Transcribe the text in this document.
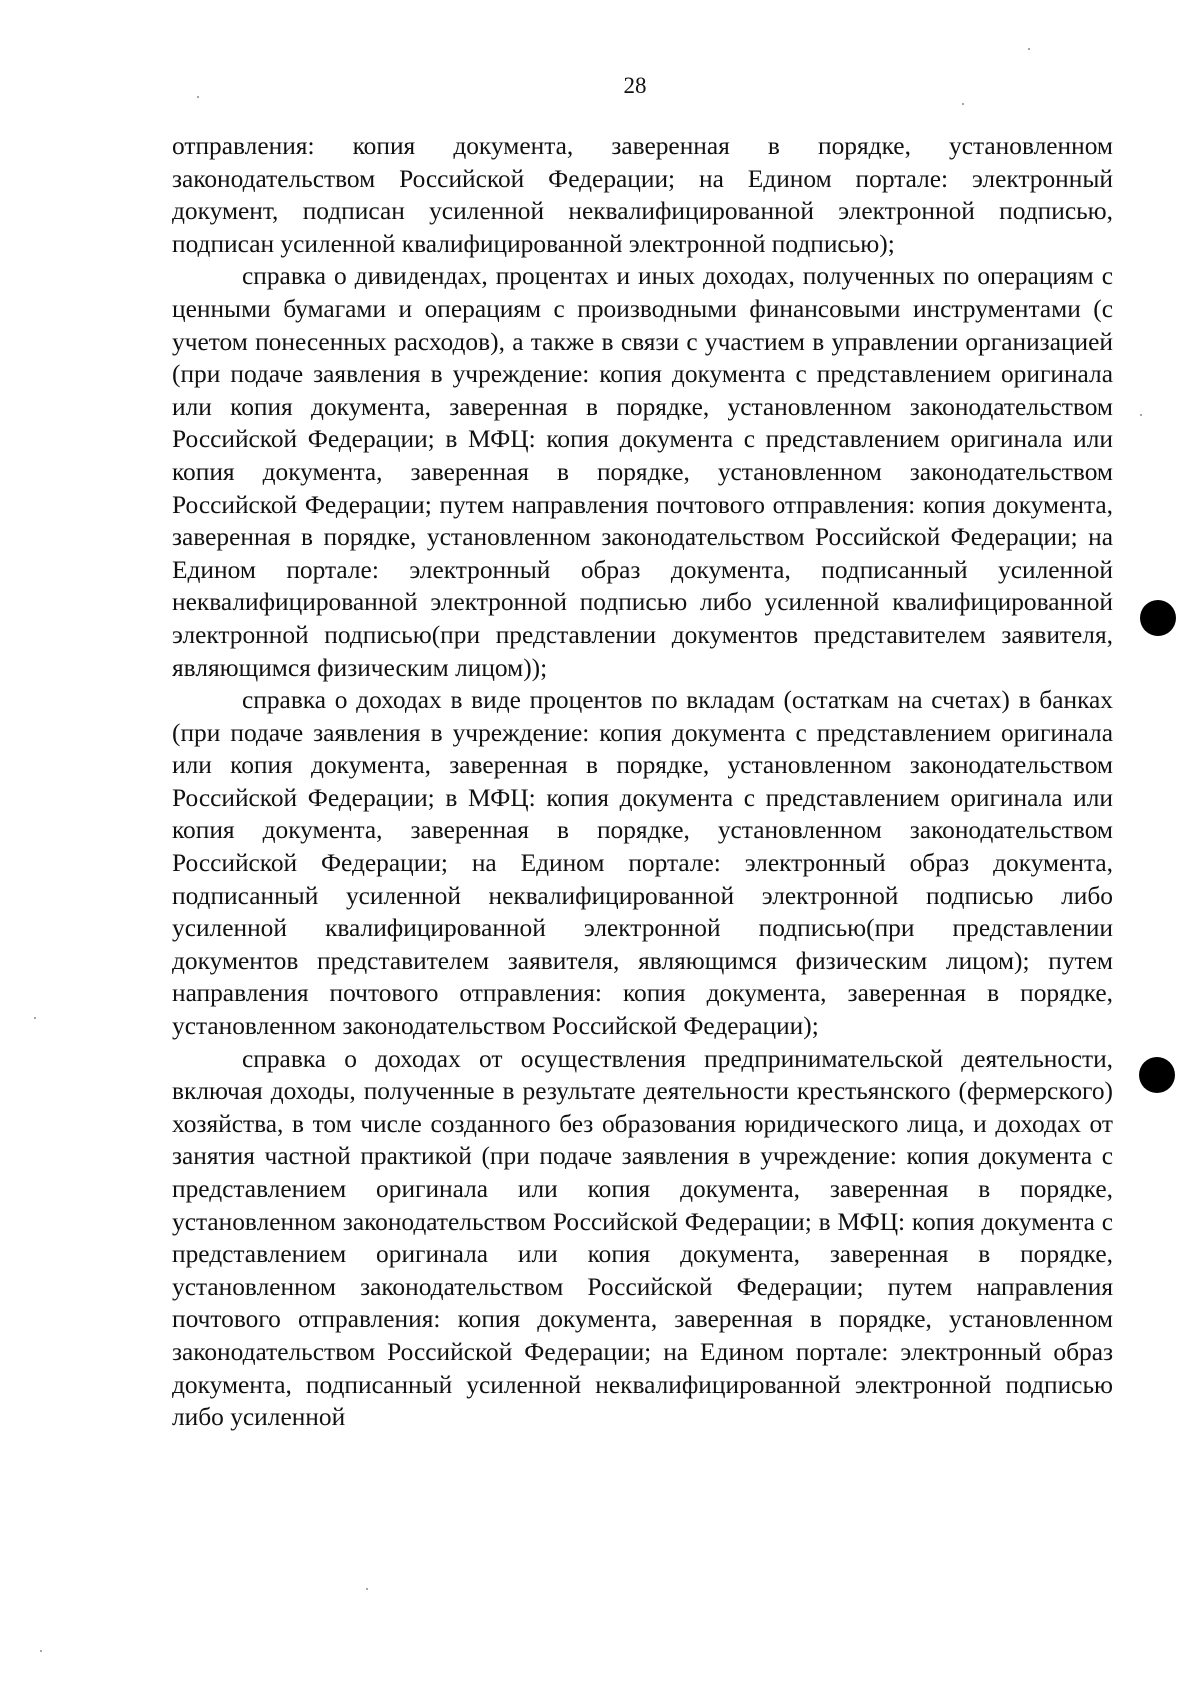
28

отправления: копия документа, заверенная в порядке, установленном законодательством Российской Федерации; на Едином портале: электронный документ, подписан усиленной неквалифицированной электронной подписью, подписан усиленной квалифицированной электронной подписью);

справка о дивидендах, процентах и иных доходах, полученных по операциям с ценными бумагами и операциям с производными финансовыми инструментами (с учетом понесенных расходов), а также в связи с участием в управлении организацией (при подаче заявления в учреждение: копия документа с представлением оригинала или копия документа, заверенная в порядке, установленном законодательством Российской Федерации; в МФЦ: копия документа с представлением оригинала или копия документа, заверенная в порядке, установленном законодательством Российской Федерации; путем направления почтового отправления: копия документа, заверенная в порядке, установленном законодательством Российской Федерации; на Едином портале: электронный образ документа, подписанный усиленной неквалифицированной электронной подписью либо усиленной квалифицированной электронной подписью(при представлении документов представителем заявителя, являющимся физическим лицом));

справка о доходах в виде процентов по вкладам (остаткам на счетах) в банках (при подаче заявления в учреждение: копия документа с представлением оригинала или копия документа, заверенная в порядке, установленном законодательством Российской Федерации; в МФЦ: копия документа с представлением оригинала или копия документа, заверенная в порядке, установленном законодательством Российской Федерации; на Едином портале: электронный образ документа, подписанный усиленной неквалифицированной электронной подписью либо усиленной квалифицированной электронной подписью(при представлении документов представителем заявителя, являющимся физическим лицом); путем направления почтового отправления: копия документа, заверенная в порядке, установленном законодательством Российской Федерации);

справка о доходах от осуществления предпринимательской деятельности, включая доходы, полученные в результате деятельности крестьянского (фермерского) хозяйства, в том числе созданного без образования юридического лица, и доходах от занятия частной практикой (при подаче заявления в учреждение: копия документа с представлением оригинала или копия документа, заверенная в порядке, установленном законодательством Российской Федерации; в МФЦ: копия документа с представлением оригинала или копия документа, заверенная в порядке, установленном законодательством Российской Федерации; путем направления почтового отправления: копия документа, заверенная в порядке, установленном законодательством Российской Федерации; на Едином портале: электронный образ документа, подписанный усиленной неквалифицированной электронной подписью либо усиленной
